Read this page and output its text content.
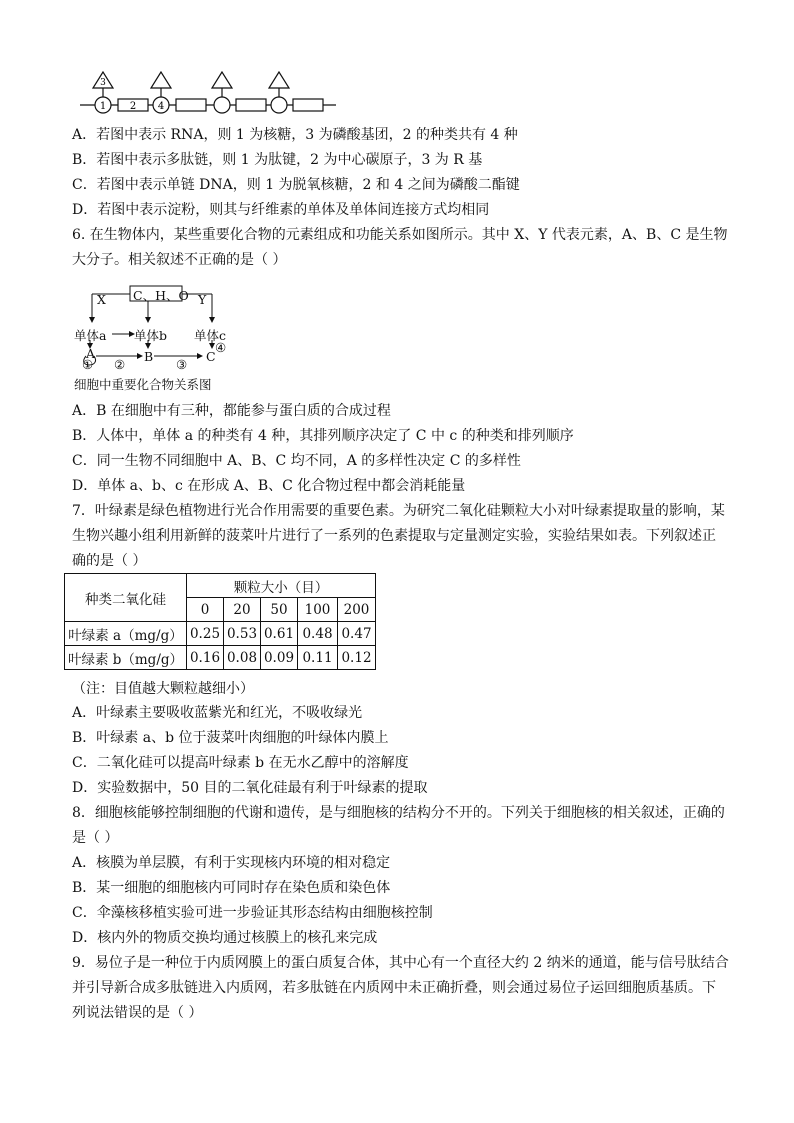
3
1 2 4
A．若图中表示 RNA，则 1 为核糖，3 为磷酸基团，2 的种类共有 4 种
B．若图中表示多肽链，则 1 为肽键，2 为中心碳原子，3 为 R 基
C．若图中表示单链 DNA，则 1 为脱氧核糖，2 和 4 之间为磷酸二酯键
D．若图中表示淀粉，则其与纤维素的单体及单体间连接方式均相同
6. 在生物体内，某些重要化合物的元素组成和功能关系如图所示。其中 X、Y 代表元素，A、B、C 是生物
大分子。相关叙述不正确的是（ ）
C、H、O
X	Y
单体a 单体b 单体c
A	B	C
① ②	③
④
细胞中重要化合物关系图
A．B 在细胞中有三种，都能参与蛋白质的合成过程
B．人体中，单体 a 的种类有 4 种，其排列顺序决定了 C 中 c 的种类和排列顺序
C．同一生物不同细胞中 A、B、C 均不同，A 的多样性决定 C 的多样性
D．单体 a、b、c 在形成 A、B、C 化合物过程中都会消耗能量
7．叶绿素是绿色植物进行光合作用需要的重要色素。为研究二氧化硅颗粒大小对叶绿素提取量的影响，某
生物兴趣小组利用新鲜的菠菜叶片进行了一系列的色素提取与定量测定实验，实验结果如表。下列叙述正
确的是（ ）
种类二氧化硅	颗粒大小（目）				
	0	20	50	100	200
叶绿素 a（mg/g）	0.25	0.53	0.61	0.48	0.47
叶绿素 b（mg/g）	0.16	0.08	0.09	0.11	0.12
（注：目值越大颗粒越细小）
A．叶绿素主要吸收蓝紫光和红光，不吸收绿光
B．叶绿素 a、b 位于菠菜叶肉细胞的叶绿体内膜上
C．二氧化硅可以提高叶绿素 b 在无水乙醇中的溶解度
D．实验数据中，50 目的二氧化硅最有利于叶绿素的提取
8．细胞核能够控制细胞的代谢和遗传，是与细胞核的结构分不开的。下列关于细胞核的相关叙述，正确的
是（ ）
A．核膜为单层膜，有利于实现核内环境的相对稳定
B．某一细胞的细胞核内可同时存在染色质和染色体
C．伞藻核移植实验可进一步验证其形态结构由细胞核控制
D．核内外的物质交换均通过核膜上的核孔来完成
9．易位子是一种位于内质网膜上的蛋白质复合体，其中心有一个直径大约 2 纳米的通道，能与信号肽结合
并引导新合成多肽链进入内质网，若多肽链在内质网中未正确折叠，则会通过易位子运回细胞质基质。下
列说法错误的是（ ）
